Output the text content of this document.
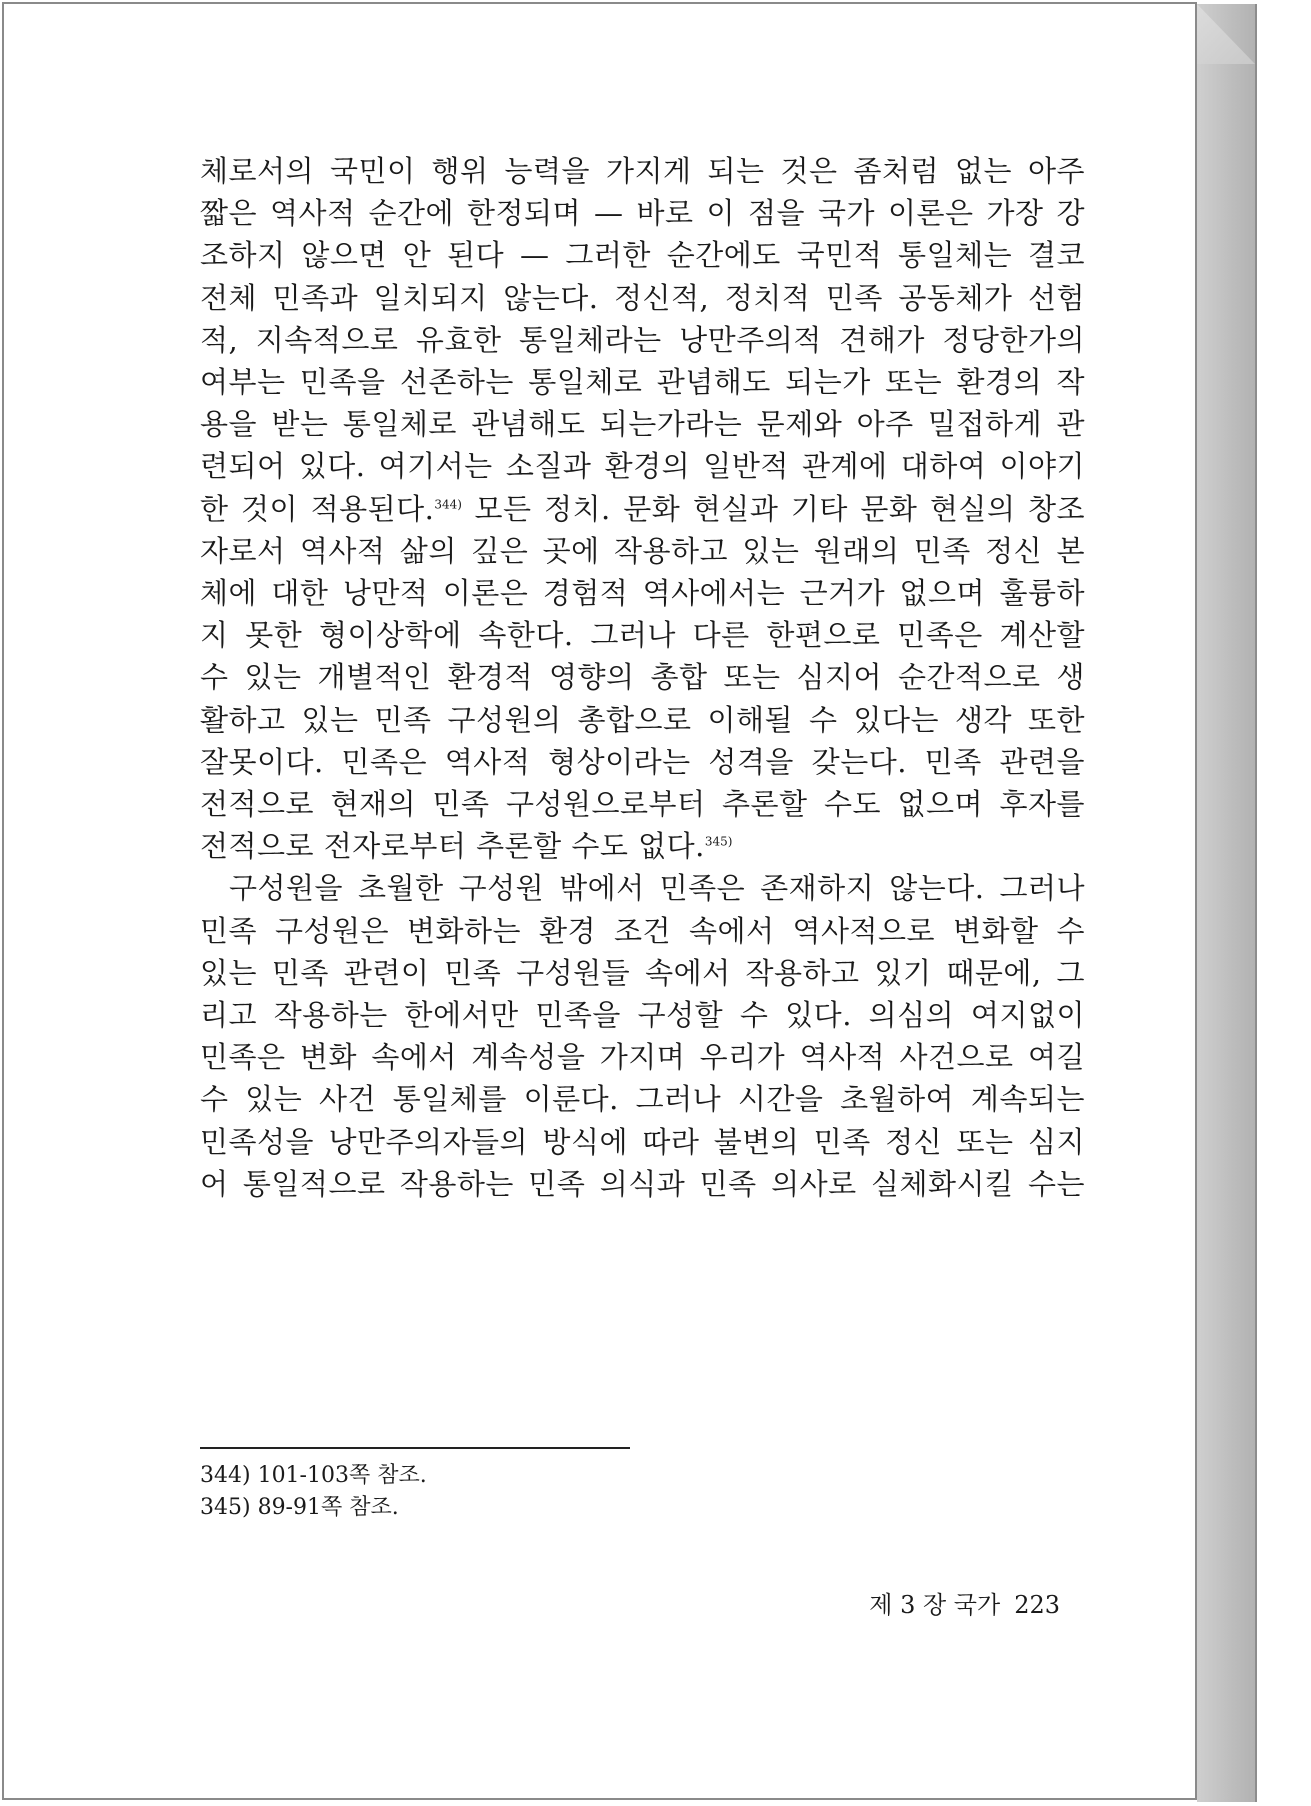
체로서의 국민이 행위 능력을 가지게 되는 것은 좀처럼 없는 아주
짧은 역사적 순간에 한정되며 — 바로 이 점을 국가 이론은 가장 강
조하지 않으면 안 된다 — 그러한 순간에도 국민적 통일체는 결코
전체 민족과 일치되지 않는다. 정신적, 정치적 민족 공동체가 선험
적, 지속적으로 유효한 통일체라는 낭만주의적 견해가 정당한가의
여부는 민족을 선존하는 통일체로 관념해도 되는가 또는 환경의 작
용을 받는 통일체로 관념해도 되는가라는 문제와 아주 밀접하게 관
련되어 있다. 여기서는 소질과 환경의 일반적 관계에 대하여 이야기
한 것이 적용된다.$^{344)}$ 모든 정치. 문화 현실과 기타 문화 현실의 창조
자로서 역사적 삶의 깊은 곳에 작용하고 있는 원래의 민족 정신 본
체에 대한 낭만적 이론은 경험적 역사에서는 근거가 없으며 훌륭하
지 못한 형이상학에 속한다. 그러나 다른 한편으로 민족은 계산할
수 있는 개별적인 환경적 영향의 총합 또는 심지어 순간적으로 생
활하고 있는 민족 구성원의 총합으로 이해될 수 있다는 생각 또한
잘못이다. 민족은 역사적 형상이라는 성격을 갖는다. 민족 관련을
전적으로 현재의 민족 구성원으로부터 추론할 수도 없으며 후자를
전적으로 전자로부터 추론할 수도 없다.$^{345)}$
구성원을 초월한 구성원 밖에서 민족은 존재하지 않는다. 그러나
민족 구성원은 변화하는 환경 조건 속에서 역사적으로 변화할 수
있는 민족 관련이 민족 구성원들 속에서 작용하고 있기 때문에, 그
리고 작용하는 한에서만 민족을 구성할 수 있다. 의심의 여지없이
민족은 변화 속에서 계속성을 가지며 우리가 역사적 사건으로 여길
수 있는 사건 통일체를 이룬다. 그러나 시간을 초월하여 계속되는
민족성을 낭만주의자들의 방식에 따라 불변의 민족 정신 또는 심지
어 통일적으로 작용하는 민족 의식과 민족 의사로 실체화시킬 수는
344) 101-103쪽 참조.
345) 89-91쪽 참조.
제 3 장 국가 223
